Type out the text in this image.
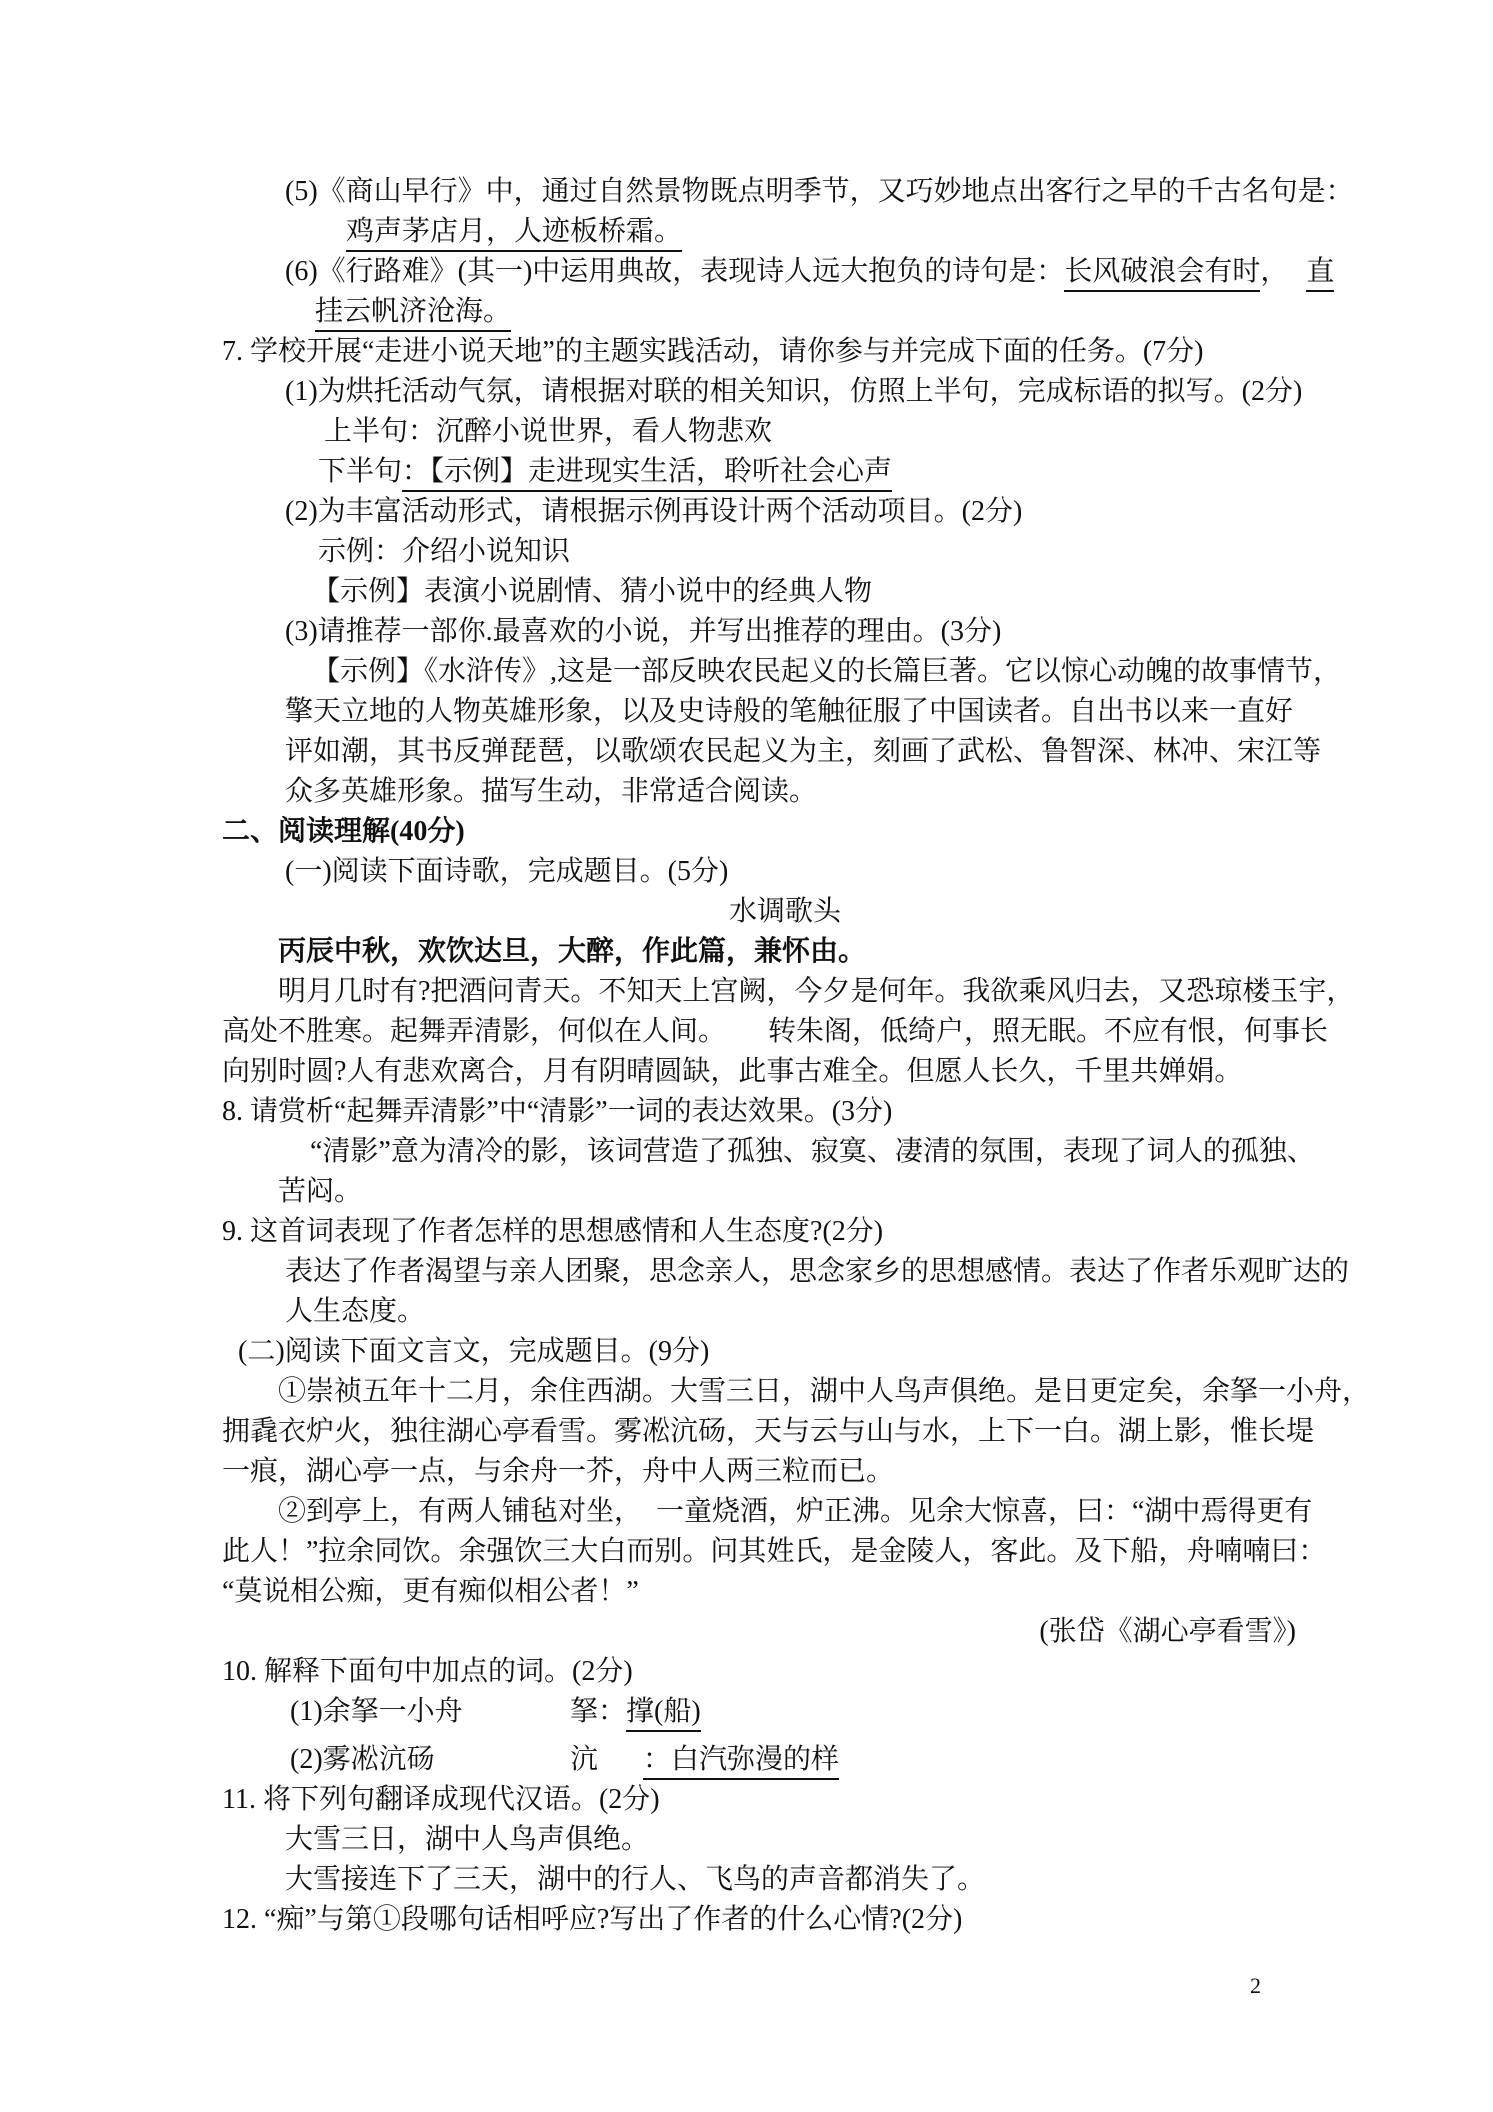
(5)《商山早行》中，通过自然景物既点明季节，又巧妙地点出客行之早的千古名句是：
鸡声茅店月，人迹板桥霜。
(6)《行路难》(其一)中运用典故，表现诗人远大抱负的诗句是：长风破浪会有时， 直
挂云帆济沧海。
7. 学校开展“走进小说天地”的主题实践活动，请你参与并完成下面的任务。(7分)
(1)为烘托活动气氛，请根据对联的相关知识，仿照上半句，完成标语的拟写。(2分)
上半句：沉醉小说世界，看人物悲欢
下半句：【示例】走进现实生活，聆听社会心声
(2)为丰富活动形式，请根据示例再设计两个活动项目。(2分)
示例：介绍小说知识
【示例】表演小说剧情、猜小说中的经典人物
(3)请推荐一部你.最喜欢的小说，并写出推荐的理由。(3分)
【示例】《水浒传》,这是一部反映农民起义的长篇巨著。它以惊心动魄的故事情节，
擎天立地的人物英雄形象，以及史诗般的笔触征服了中国读者。自出书以来一直好
评如潮，其书反弹琵琶，以歌颂农民起义为主，刻画了武松、鲁智深、林冲、宋江等
众多英雄形象。描写生动，非常适合阅读。
二、阅读理解(40分)
(一)阅读下面诗歌，完成题目。(5分)
水调歌头
丙辰中秋，欢饮达旦，大醉，作此篇，兼怀由。
明月几时有?把酒问青天。不知天上宫阙，今夕是何年。我欲乘风归去，又恐琼楼玉宇，
高处不胜寒。起舞弄清影，何似在人间。　　转朱阁，低绮户，照无眠。不应有恨，何事长
向别时圆?人有悲欢离合，月有阴晴圆缺，此事古难全。但愿人长久，千里共婵娟。
8. 请赏析“起舞弄清影”中“清影”一词的表达效果。(3分)
“清影”意为清冷的影，该词营造了孤独、寂寞、凄清的氛围，表现了词人的孤独、
苦闷。
9. 这首词表现了作者怎样的思想感情和人生态度?(2分)
表达了作者渴望与亲人团聚，思念亲人，思念家乡的思想感情。表达了作者乐观旷达的
人生态度。
(二)阅读下面文言文，完成题目。(9分)
①崇祯五年十二月，余住西湖。大雪三日，湖中人鸟声俱绝。是日更定矣，余拏一小舟，
拥毳衣炉火，独往湖心亭看雪。雾凇沆砀，天与云与山与水，上下一白。湖上影，惟长堤
一痕，湖心亭一点，与余舟一芥，舟中人两三粒而已。
②到亭上，有两人铺毡对坐，　一童烧酒，炉正沸。见余大惊喜，曰：“湖中焉得更有
此人！”拉余同饮。余强饮三大白而别。问其姓氏，是金陵人，客此。及下船，舟喃喃曰：
“莫说相公痴，更有痴似相公者！”
(张岱《湖心亭看雪》)
10. 解释下面句中加点的词。(2分)
(1)余拏一小舟	拏：撑(船)
(2)雾凇沆砀	沆 ：白汽弥漫的样
11. 将下列句翻译成现代汉语。(2分)
大雪三日，湖中人鸟声俱绝。
大雪接连下了三天，湖中的行人、飞鸟的声音都消失了。
12. “痴”与第①段哪句话相呼应?写出了作者的什么心情?(2分)
2
